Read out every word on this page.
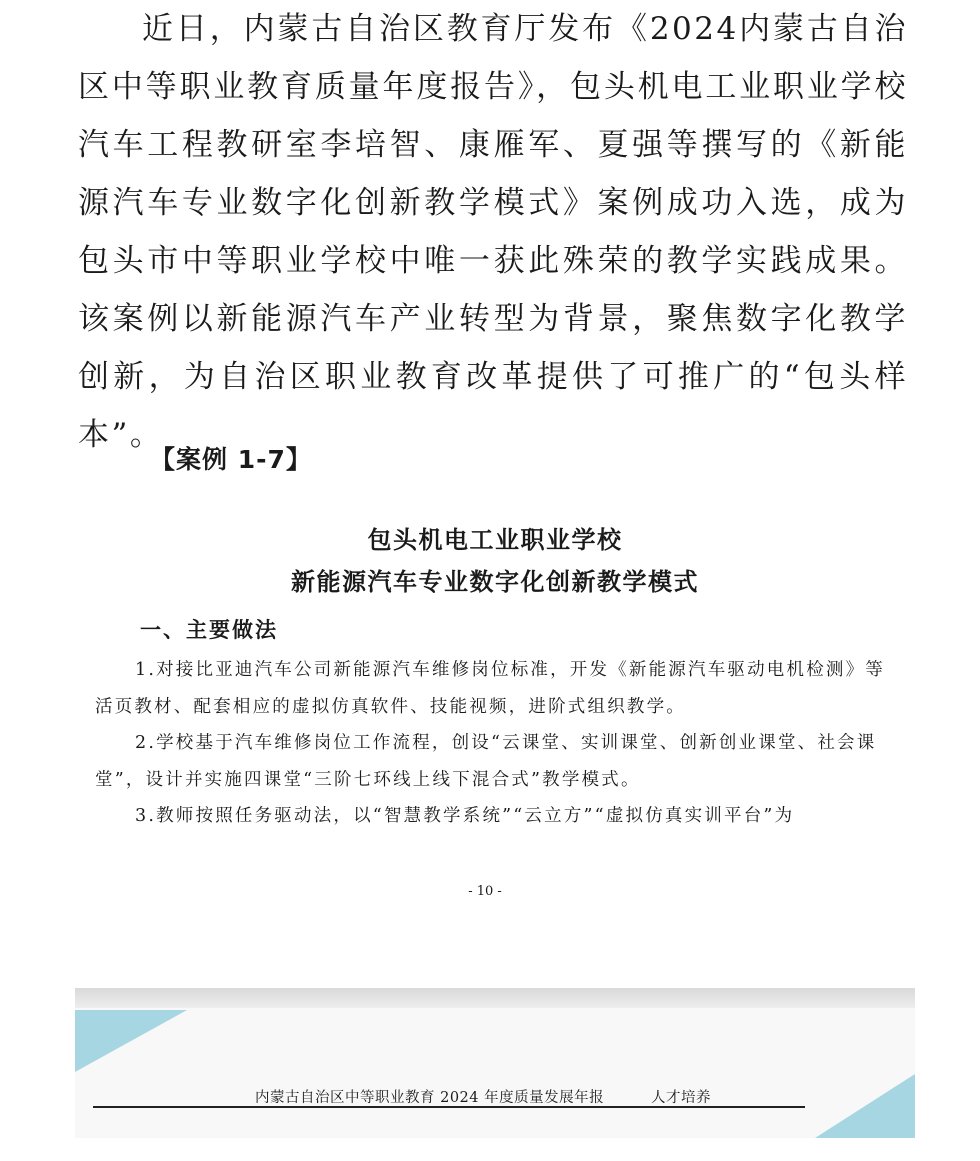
近日，内蒙古自治区教育厅发布《2024内蒙古自治区中等职业教育质量年度报告》，包头机电工业职业学校汽车工程教研室李培智、康雁军、夏强等撰写的《新能源汽车专业数字化创新教学模式》案例成功入选，成为包头市中等职业学校中唯一获此殊荣的教学实践成果。该案例以新能源汽车产业转型为背景，聚焦数字化教学创新，为自治区职业教育改革提供了可推广的“包头样本”。

【案例 1-7】
包头机电工业职业学校
新能源汽车专业数字化创新教学模式
一、主要做法

1.对接比亚迪汽车公司新能源汽车维修岗位标准，开发《新能源汽车驱动电机检测》等活页教材、配套相应的虚拟仿真软件、技能视频，进阶式组织教学。

2.学校基于汽车维修岗位工作流程，创设“云课堂、实训课堂、创新创业课堂、社会课堂”，设计并实施四课堂“三阶七环线上线下混合式”教学模式。

3.教师按照任务驱动法，以“智慧教学系统”“云立方”“虚拟仿真实训平台”为

- 10 -
内蒙古自治区中等职业教育 2024 年度质量发展年报	人才培养
